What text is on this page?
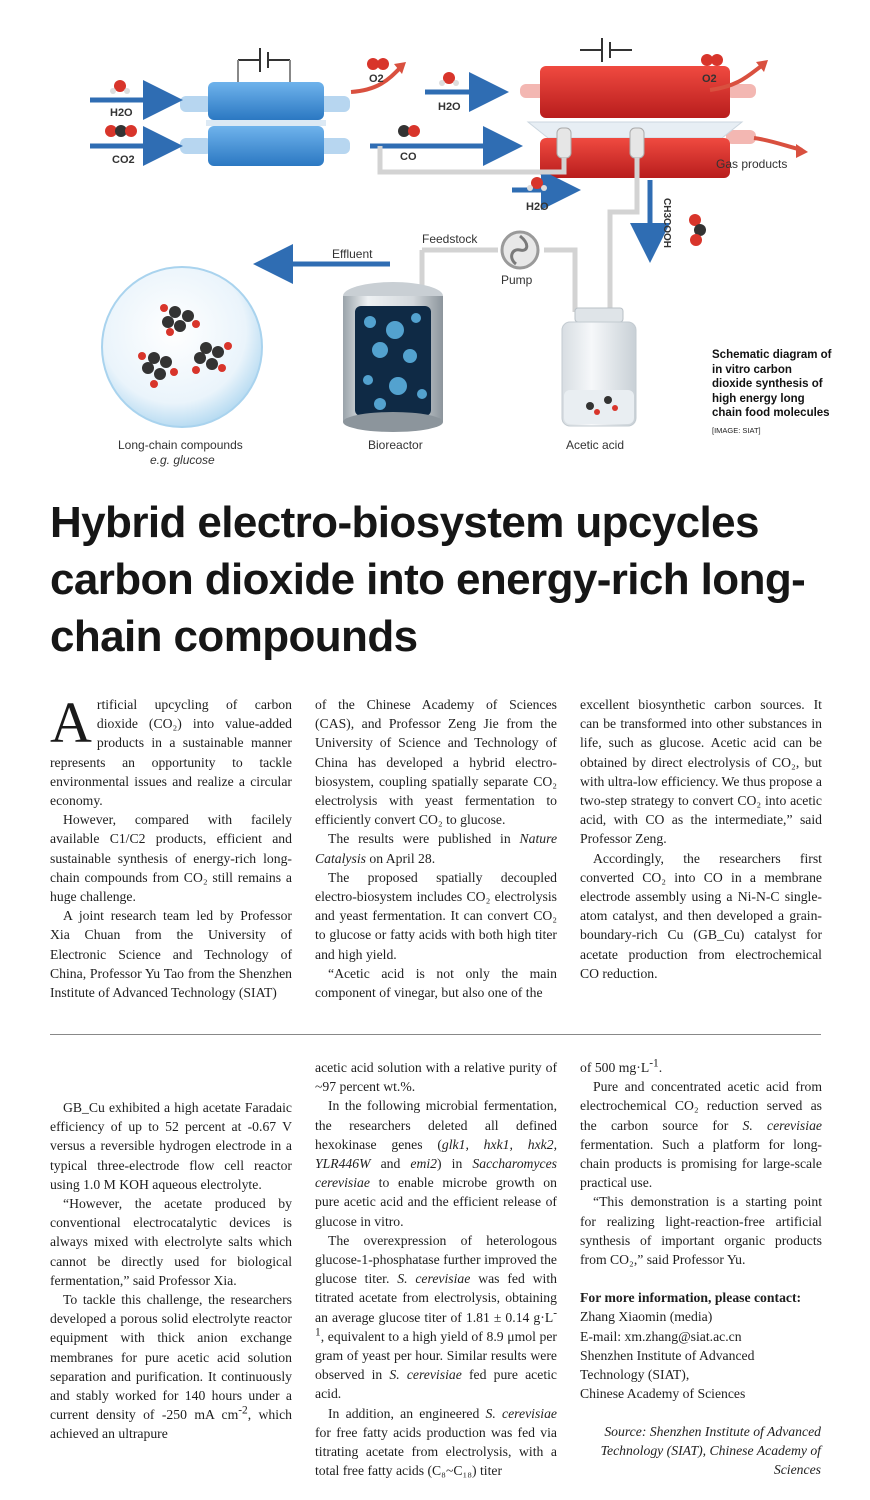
H2O
CO2
O2
H2O
CO
O2
Gas products
H2O	CH3COOH
Feedstock
Pump
Effluent
Long-chain compounds
e.g. glucose
Bioreactor	Acetic acid
Schematic diagram of in vitro carbon dioxide synthesis of high energy long chain food molecules
[IMAGE: SIAT]
Hybrid electro-biosystem upcycles carbon dioxide into energy-rich long-chain compounds

Artificial upcycling of carbon dioxide (CO₂) into value-added products in a sustainable manner represents an opportunity to tackle environmental issues and realize a circular economy.

However, compared with facilely available C1/C2 products, efficient and sustainable synthesis of energy-rich long-chain compounds from CO₂ still remains a huge challenge.

A joint research team led by Professor Xia Chuan from the University of Electronic Science and Technology of China, Professor Yu Tao from the Shenzhen Institute of Advanced Technology (SIAT)

of the Chinese Academy of Sciences (CAS), and Professor Zeng Jie from the University of Science and Technology of China has developed a hybrid electro-biosystem, coupling spatially separate CO₂ electrolysis with yeast fermentation to efficiently convert CO₂ to glucose.

The results were published in Nature Catalysis on April 28.

The proposed spatially decoupled electro-biosystem includes CO₂ electrolysis and yeast fermentation. It can convert CO₂ to glucose or fatty acids with both high titer and high yield.

“Acetic acid is not only the main component of vinegar, but also one of the

excellent biosynthetic carbon sources. It can be transformed into other substances in life, such as glucose. Acetic acid can be obtained by direct electrolysis of CO₂, but with ultra-low efficiency. We thus propose a two-step strategy to convert CO₂ into acetic acid, with CO as the intermediate,” said Professor Zeng.

Accordingly, the researchers first converted CO₂ into CO in a membrane electrode assembly using a Ni-N-C single-atom catalyst, and then developed a grain-boundary-rich Cu (GB_Cu) catalyst for acetate production from electrochemical CO reduction.

GB_Cu exhibited a high acetate Faradaic efficiency of up to 52 percent at -0.67 V versus a reversible hydrogen electrode in a typical three-electrode flow cell reactor using 1.0 M KOH aqueous electrolyte.

“However, the acetate produced by conventional electrocatalytic devices is always mixed with electrolyte salts which cannot be directly used for biological fermentation,” said Professor Xia.

To tackle this challenge, the researchers developed a porous solid electrolyte reactor equipment with thick anion exchange membranes for pure acetic acid solution separation and purification. It continuously and stably worked for 140 hours under a current density of -250 mA $cm^{-2}$, which achieved an ultrapure

acetic acid solution with a relative purity of ~97 percent wt.%.

In the following microbial fermentation, the researchers deleted all defined hexokinase genes (glk1, hxk1, hxk2, YLR446W and emi2) in Saccharomyces cerevisiae to enable microbe growth on pure acetic acid and the efficient release of glucose in vitro.

The overexpression of heterologous glucose-1-phosphatase further improved the glucose titer. S. cerevisiae was fed with titrated acetate from electrolysis, obtaining an average glucose titer of 1.81 ± 0.14 $g\cdot L^{-1}$, equivalent to a high yield of 8.9 μmol per gram of yeast per hour. Similar results were observed in S. cerevisiae fed pure acetic acid.

In addition, an engineered S. cerevisiae for free fatty acids production was fed via titrating acetate from electrolysis, with a total free fatty acids (C₈~C₁₈) titer

of 500 $mg\cdot L^{-1}$.

Pure and concentrated acetic acid from electrochemical CO₂ reduction served as the carbon source for S. cerevisiae fermentation. Such a platform for long-chain products is promising for large-scale practical use.

“This demonstration is a starting point for realizing light-reaction-free artificial synthesis of important organic products from CO₂,” said Professor Yu.

For more information, please contact:

Zhang Xiaomin (media)

E-mail: xm.zhang@siat.ac.cn

Shenzhen Institute of Advanced Technology (SIAT),

Chinese Academy of Sciences

Source: Shenzhen Institute of Advanced Technology (SIAT), Chinese Academy of Sciences
